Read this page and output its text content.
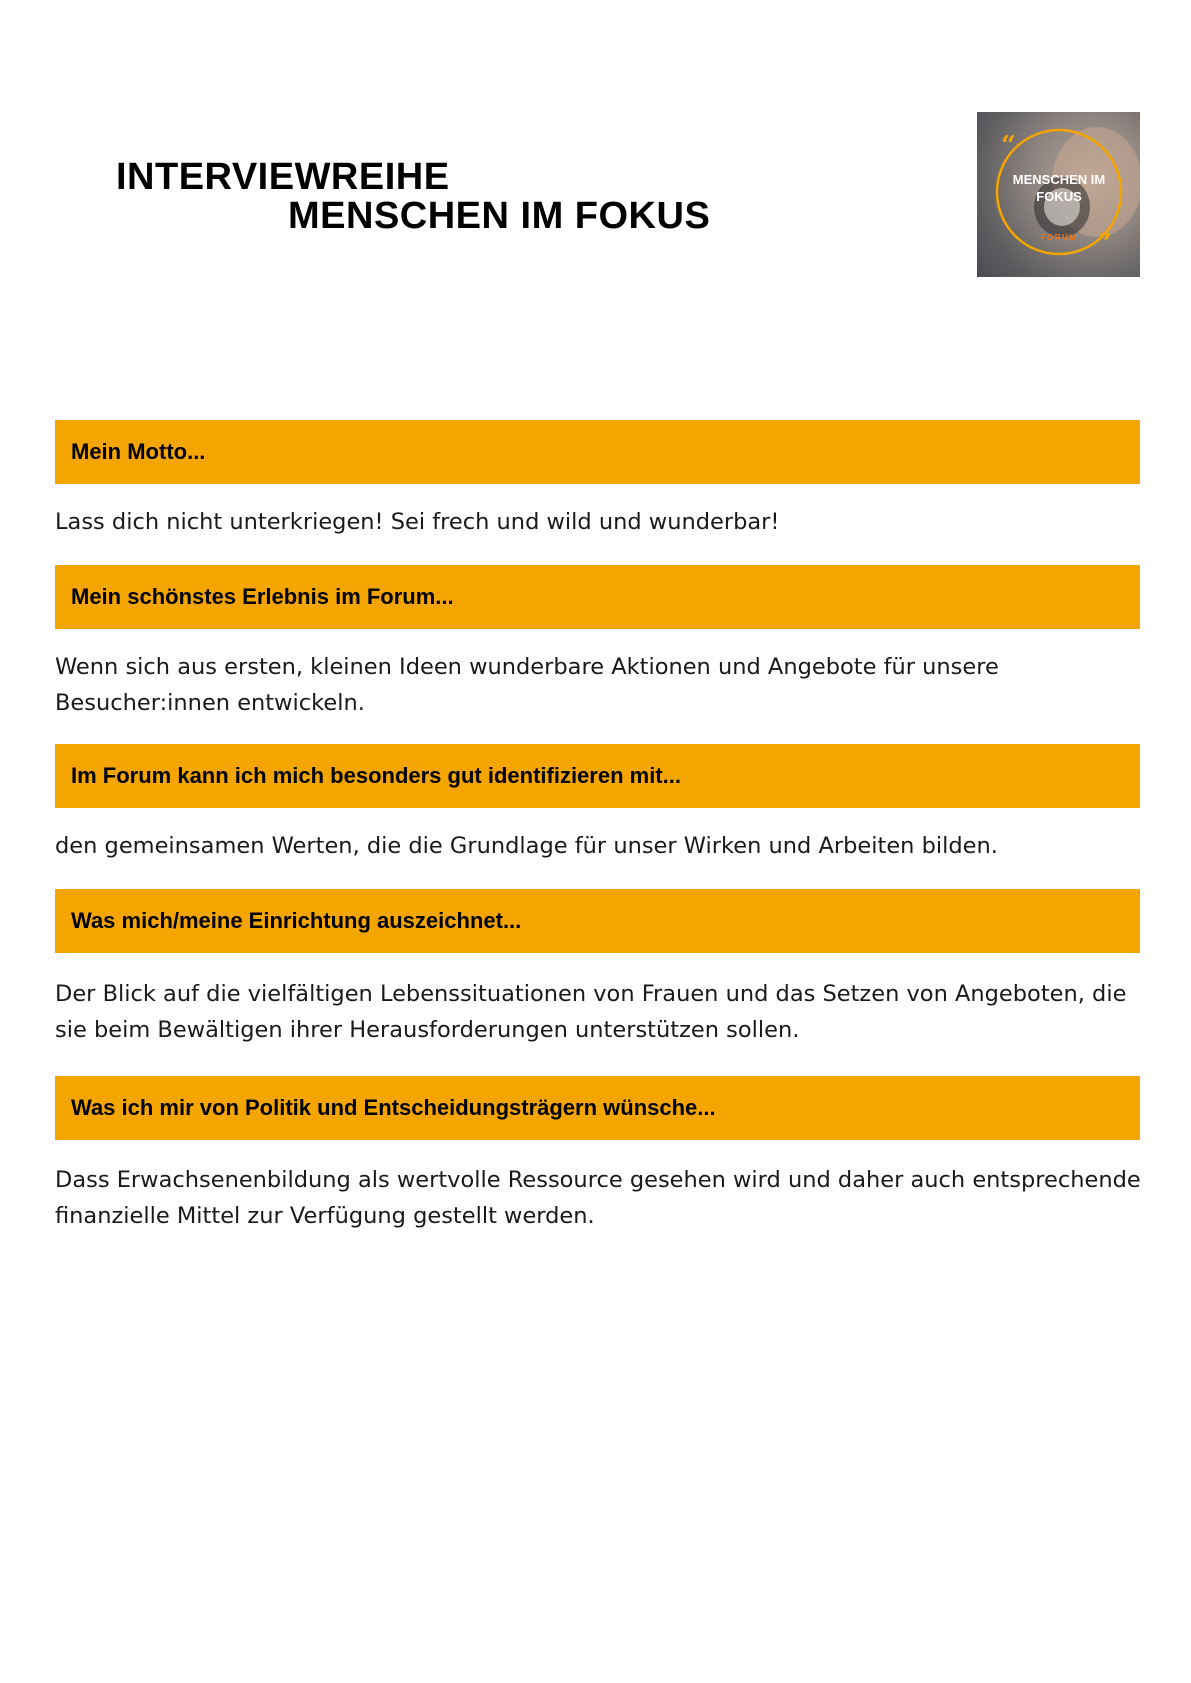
INTERVIEWREIHE
MENSCHEN IM FOKUS
“
”
MENSCHEN IM
FOKUS
FORUM
Mein Motto...

Lass dich nicht unterkriegen! Sei frech und wild und wunderbar!

Mein schönstes Erlebnis im Forum...

Wenn sich aus ersten, kleinen Ideen wunderbare Aktionen und Angebote für unsere Besucher:innen entwickeln.

Im Forum kann ich mich besonders gut identifizieren mit...

den gemeinsamen Werten, die die Grundlage für unser Wirken und Arbeiten bilden.

Was mich/meine Einrichtung auszeichnet...

Der Blick auf die vielfältigen Lebenssituationen von Frauen und das Setzen von Angeboten, die sie beim Bewältigen ihrer Herausforderungen unterstützen sollen.

Was ich mir von Politik und Entscheidungsträgern wünsche...

Dass Erwachsenenbildung als wertvolle Ressource gesehen wird und daher auch entsprechende finanzielle Mittel zur Verfügung gestellt werden.
